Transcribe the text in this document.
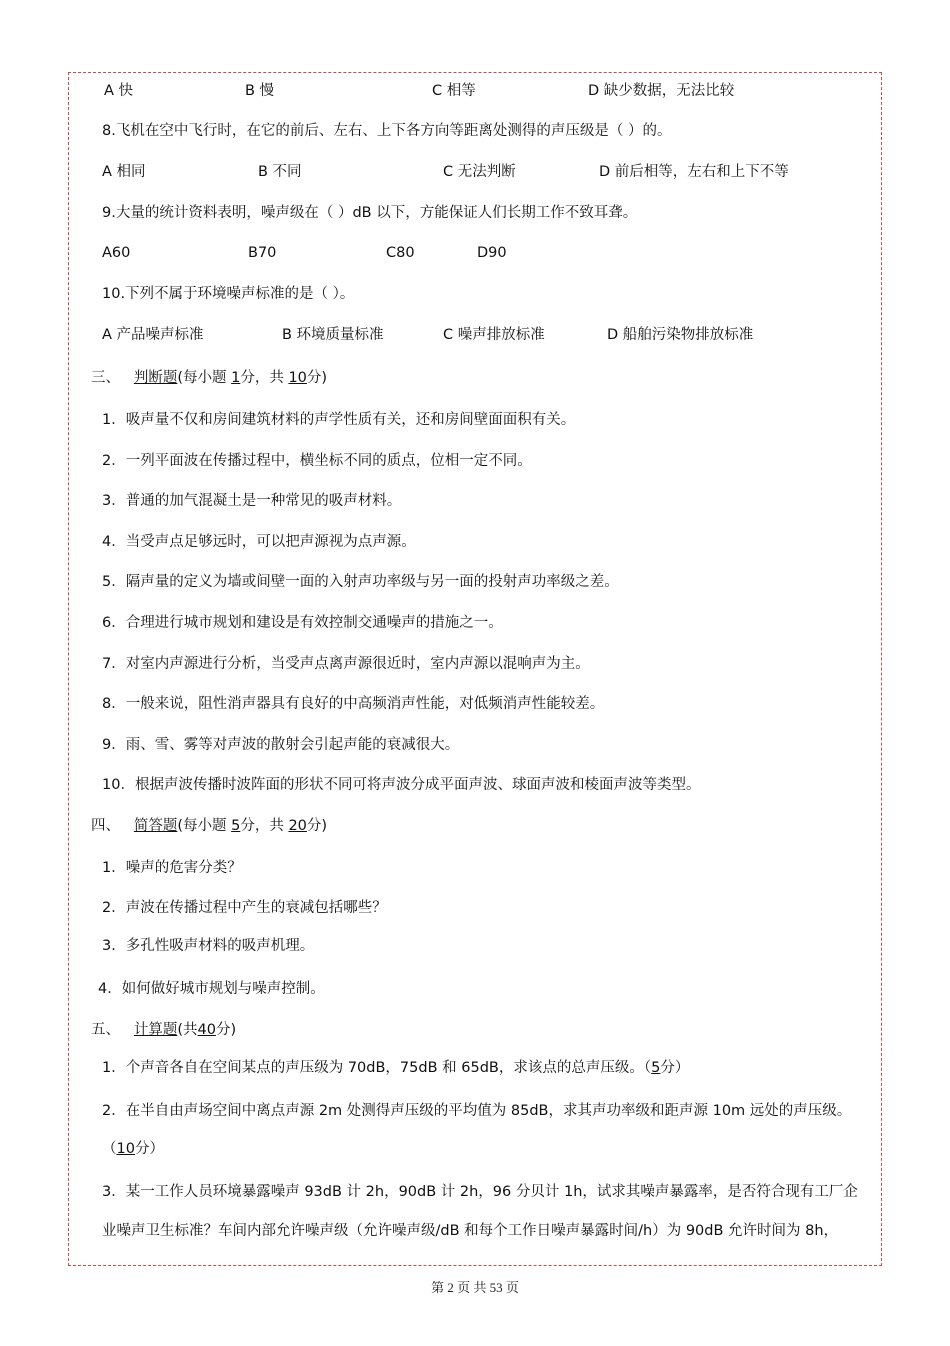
A 快	B 慢	C 相等	D 缺少数据，无法比较
8.飞机在空中飞行时，在它的前后、左右、上下各方向等距离处测得的声压级是（ ）的。
A 相同	B 不同	C 无法判断	D 前后相等，左右和上下不等
9.大量的统计资料表明，噪声级在（ ）dB 以下，方能保证人们长期工作不致耳聋。
A60	B70	C80	D90
10.下列不属于环境噪声标准的是（ ）。
A 产品噪声标准	B 环境质量标准	C 噪声排放标准	D 船舶污染物排放标准
三、 判断题(每小题 1分，共 10分)
1．吸声量不仅和房间建筑材料的声学性质有关，还和房间壁面面积有关。
2．一列平面波在传播过程中，横坐标不同的质点，位相一定不同。
3．普通的加气混凝土是一种常见的吸声材料。
4．当受声点足够远时，可以把声源视为点声源。
5．隔声量的定义为墙或间壁一面的入射声功率级与另一面的投射声功率级之差。
6．合理进行城市规划和建设是有效控制交通噪声的措施之一。
7．对室内声源进行分析，当受声点离声源很近时，室内声源以混响声为主。
8．一般来说，阻性消声器具有良好的中高频消声性能，对低频消声性能较差。
9．雨、雪、雾等对声波的散射会引起声能的衰减很大。
10．根据声波传播时波阵面的形状不同可将声波分成平面声波、球面声波和棱面声波等类型。
四、 简答题(每小题 5分，共 20分)
1．噪声的危害分类？
2．声波在传播过程中产生的衰减包括哪些？
3．多孔性吸声材料的吸声机理。
4．如何做好城市规划与噪声控制。
五、 计算题(共40分)
1．个声音各自在空间某点的声压级为 70dB，75dB 和 65dB，求该点的总声压级。（5分）
2．在半自由声场空间中离点声源 2m 处测得声压级的平均值为 85dB，求其声功率级和距声源 10m 远处的声压级。
（10分）
3．某一工作人员环境暴露噪声 93dB 计 2h，90dB 计 2h，96 分贝计 1h，试求其噪声暴露率，是否符合现有工厂企
业噪声卫生标准？车间内部允许噪声级（允许噪声级/dB 和每个工作日噪声暴露时间/h）为 90dB 允许时间为 8h，
第 2 页 共 53 页
